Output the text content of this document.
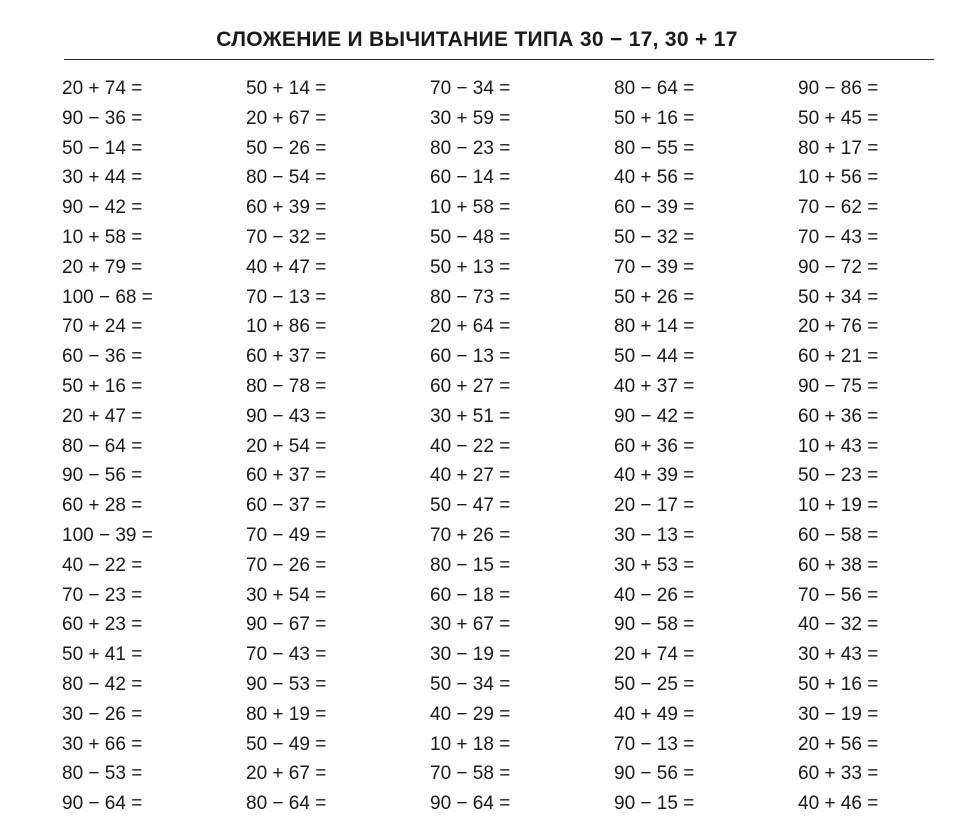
СЛОЖЕНИЕ И ВЫЧИТАНИЕ ТИПА 30 − 17, 30 + 17
20 + 74 =
90 − 36 =
50 − 14 =
30 + 44 =
90 − 42 =
10 + 58 =
20 + 79 =
100 − 68 =
70 + 24 =
60 − 36 =
50 + 16 =
20 + 47 =
80 − 64 =
90 − 56 =
60 + 28 =
100 − 39 =
40 − 22 =
70 − 23 =
60 + 23 =
50 + 41 =
80 − 42 =
30 − 26 =
30 + 66 =
80 − 53 =
90 − 64 =
50 + 14 =
20 + 67 =
50 − 26 =
80 − 54 =
60 + 39 =
70 − 32 =
40 + 47 =
70 − 13 =
10 + 86 =
60 + 37 =
80 − 78 =
90 − 43 =
20 + 54 =
60 + 37 =
60 − 37 =
70 − 49 =
70 − 26 =
30 + 54 =
90 − 67 =
70 − 43 =
90 − 53 =
80 + 19 =
50 − 49 =
20 + 67 =
80 − 64 =
70 − 34 =
30 + 59 =
80 − 23 =
60 − 14 =
10 + 58 =
50 − 48 =
50 + 13 =
80 − 73 =
20 + 64 =
60 − 13 =
60 + 27 =
30 + 51 =
40 − 22 =
40 + 27 =
50 − 47 =
70 + 26 =
80 − 15 =
60 − 18 =
30 + 67 =
30 − 19 =
50 − 34 =
40 − 29 =
10 + 18 =
70 − 58 =
90 − 64 =
80 − 64 =
50 + 16 =
80 − 55 =
40 + 56 =
60 − 39 =
50 − 32 =
70 − 39 =
50 + 26 =
80 + 14 =
50 − 44 =
40 + 37 =
90 − 42 =
60 + 36 =
40 + 39 =
20 − 17 =
30 − 13 =
30 + 53 =
40 − 26 =
90 − 58 =
20 + 74 =
50 − 25 =
40 + 49 =
70 − 13 =
90 − 56 =
90 − 15 =
90 − 86 =
50 + 45 =
80 + 17 =
10 + 56 =
70 − 62 =
70 − 43 =
90 − 72 =
50 + 34 =
20 + 76 =
60 + 21 =
90 − 75 =
60 + 36 =
10 + 43 =
50 − 23 =
10 + 19 =
60 − 58 =
60 + 38 =
70 − 56 =
40 − 32 =
30 + 43 =
50 + 16 =
30 − 19 =
20 + 56 =
60 + 33 =
40 + 46 =
